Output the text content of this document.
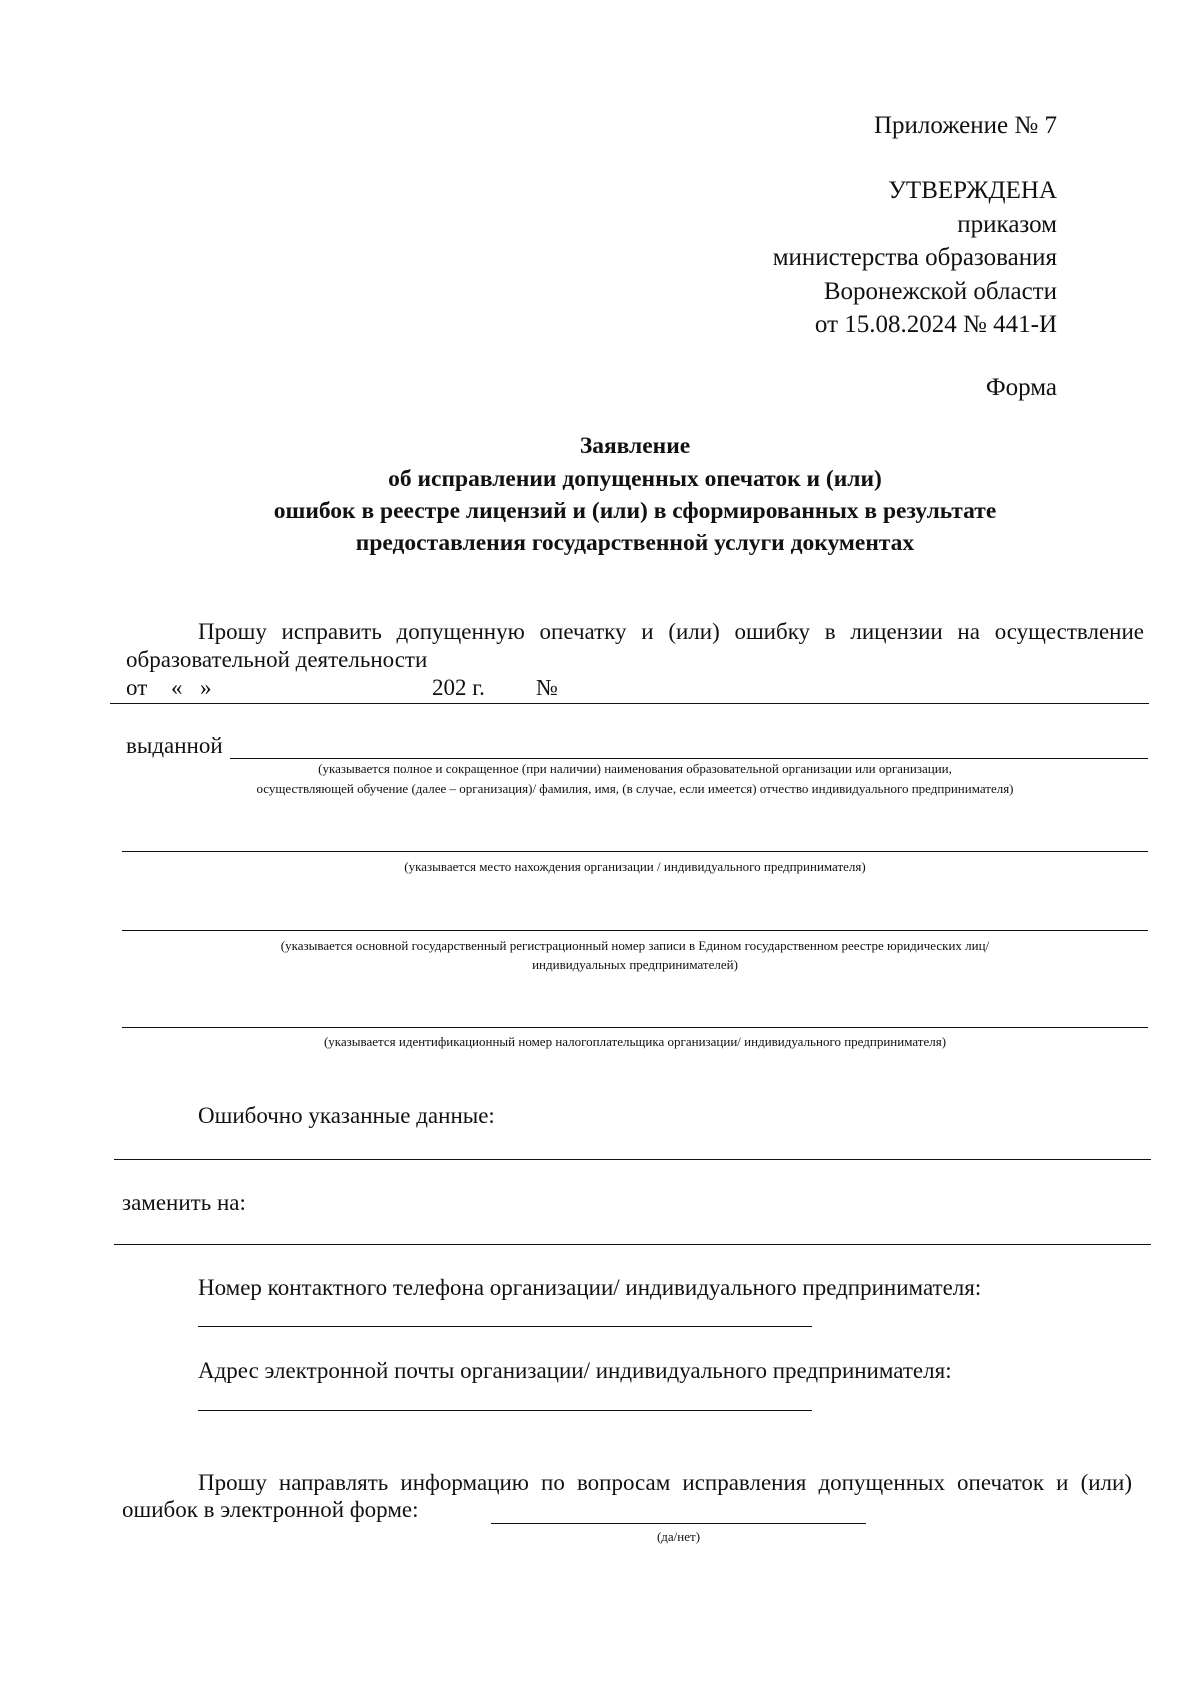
Приложение № 7
УТВЕРЖДЕНА
приказом
министерства образования
Воронежской области
от 15.08.2024 № 441-И
Форма
Заявление
об исправлении допущенных опечаток и (или)
ошибок в реестре лицензий и (или) в сформированных в результате
предоставления государственной услуги документах
Прошу исправить допущенную опечатку и (или) ошибку в лицензии на осуществление
образовательной деятельности
от « »	202 г. №
выданной
(указывается полное и сокращенное (при наличии) наименования образовательной организации или организации,
осуществляющей обучение (далее – организация)/ фамилия, имя, (в случае, если имеется) отчество индивидуального предпринимателя)
(указывается место нахождения организации / индивидуального предпринимателя)
(указывается основной государственный регистрационный номер записи в Едином государственном реестре юридических лиц/
индивидуальных предпринимателей)
(указывается идентификационный номер налогоплательщика организации/ индивидуального предпринимателя)
Ошибочно указанные данные:
заменить на:
Номер контактного телефона организации/ индивидуального предпринимателя:
Адрес электронной почты организации/ индивидуального предпринимателя:
Прошу направлять информацию по вопросам исправления допущенных опечаток и (или)
ошибок в электронной форме:
(да/нет)
